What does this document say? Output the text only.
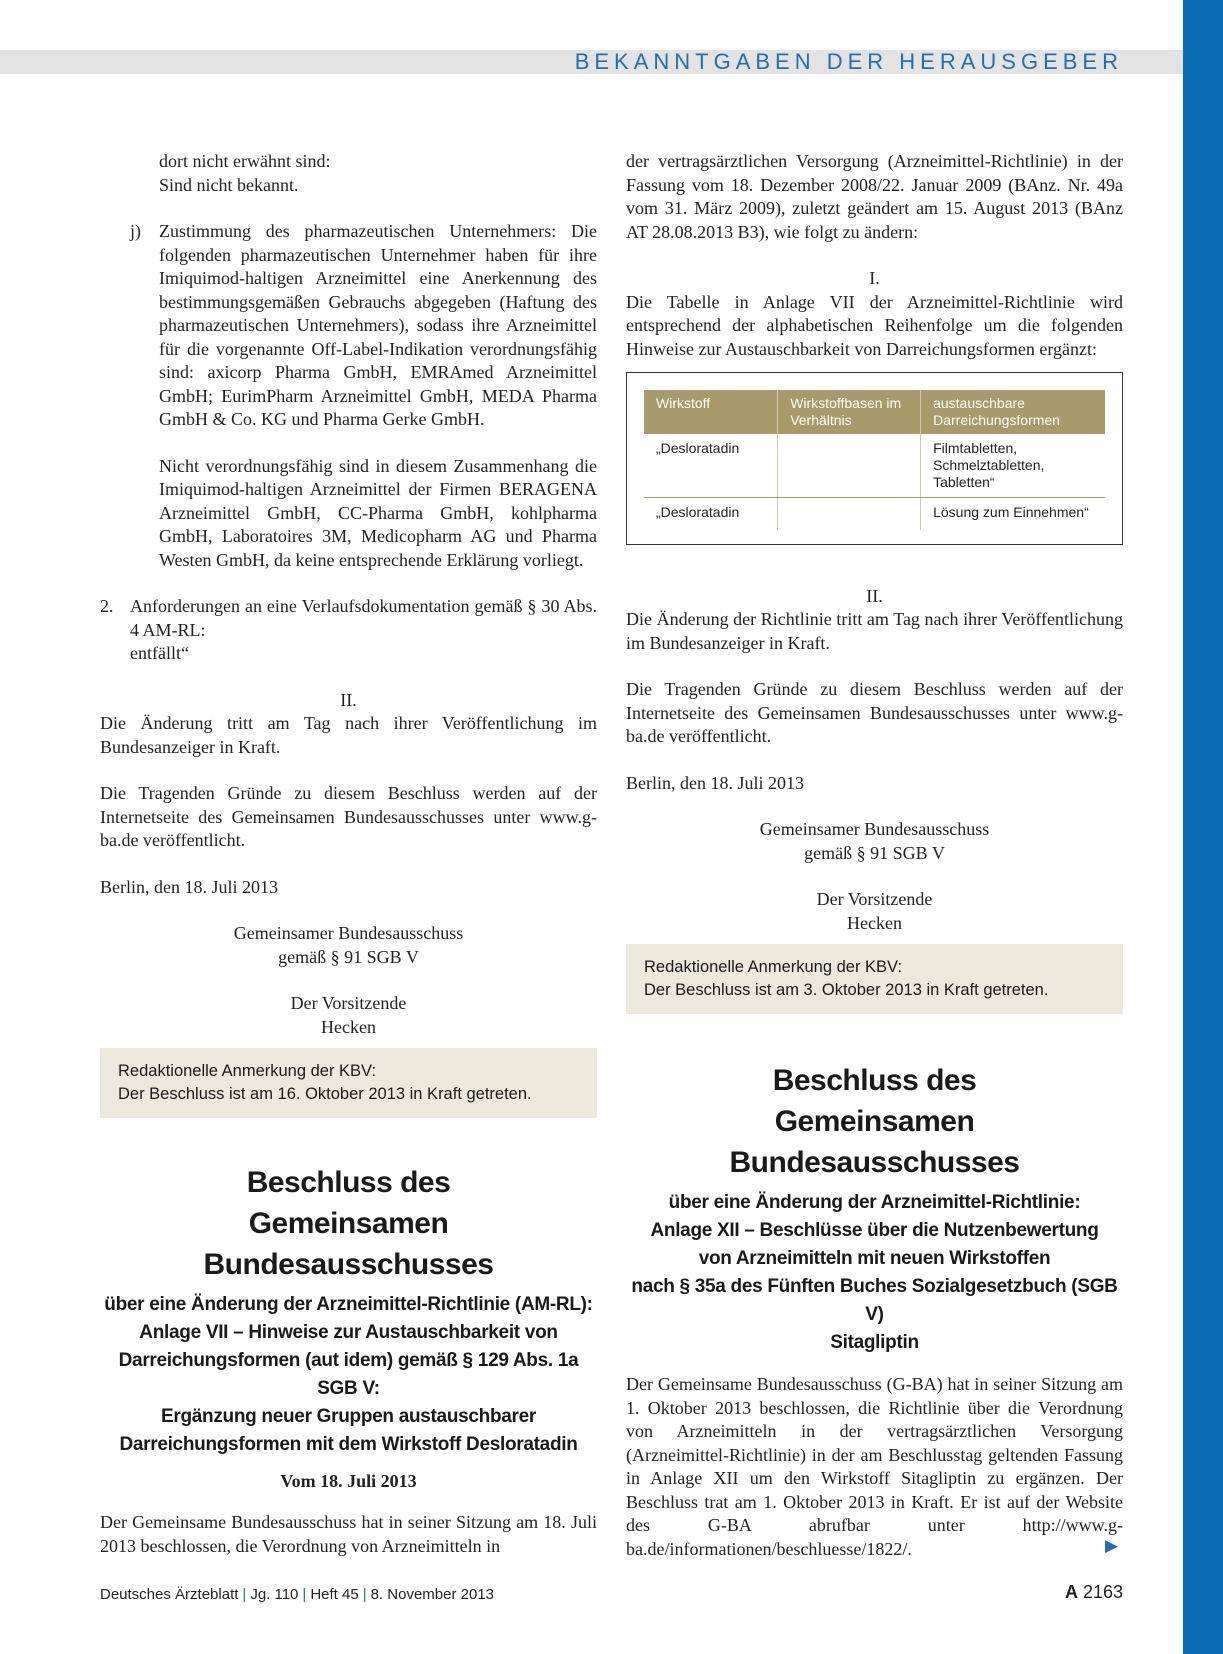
BEKANNTGABEN DER HERAUSGEBER
dort nicht erwähnt sind:
Sind nicht bekannt.
j)	Zustimmung des pharmazeutischen Unternehmers: Die folgenden pharmazeutischen Unternehmer haben für ihre Imiquimod-haltigen Arzneimittel eine Anerkennung des bestimmungsgemäßen Gebrauchs abgegeben (Haftung des pharmazeutischen Unternehmers), sodass ihre Arzneimittel für die vorgenannte Off-Label-Indikation verordnungsfähig sind: axicorp Pharma GmbH, EMRAmed Arzneimittel GmbH; EurimPharm Arzneimittel GmbH, MEDA Pharma GmbH & Co. KG und Pharma Gerke GmbH.
Nicht verordnungsfähig sind in diesem Zusammenhang die Imiquimod-haltigen Arzneimittel der Firmen BERAGENA Arzneimittel GmbH, CC-Pharma GmbH, kohlpharma GmbH, Laboratoires 3M, Medicopharm AG und Pharma Westen GmbH, da keine entsprechende Erklärung vorliegt.
2. Anforderungen an eine Verlaufsdokumentation gemäß § 30 Abs. 4 AM-RL:
entfällt“
II.
Die Änderung tritt am Tag nach ihrer Veröffentlichung im Bundesanzeiger in Kraft.
Die Tragenden Gründe zu diesem Beschluss werden auf der Internetseite des Gemeinsamen Bundesausschusses unter www.g-ba.de veröffentlicht.
Berlin, den 18. Juli 2013
Gemeinsamer Bundesausschuss
gemäß § 91 SGB V
Der Vorsitzende
Hecken
Redaktionelle Anmerkung der KBV:
Der Beschluss ist am 16. Oktober 2013 in Kraft getreten.
Beschluss des
Gemeinsamen Bundesausschusses
über eine Änderung der Arzneimittel-Richtlinie (AM-RL):
Anlage VII – Hinweise zur Austauschbarkeit von
Darreichungsformen (aut idem) gemäß § 129 Abs. 1a SGB V:
Ergänzung neuer Gruppen austauschbarer
Darreichungsformen mit dem Wirkstoff Desloratadin
Vom 18. Juli 2013
Der Gemeinsame Bundesausschuss hat in seiner Sitzung am 18. Juli 2013 beschlossen, die Verordnung von Arzneimitteln in
der vertragsärztlichen Versorgung (Arzneimittel-Richtlinie) in der Fassung vom 18. Dezember 2008/22. Januar 2009 (BAnz. Nr. 49a vom 31. März 2009), zuletzt geändert am 15. August 2013 (BAnz AT 28.08.2013 B3), wie folgt zu ändern:
I.
Die Tabelle in Anlage VII der Arzneimittel-Richtlinie wird entsprechend der alphabetischen Reihenfolge um die folgenden Hinweise zur Austauschbarkeit von Darreichungsformen ergänzt:
Wirkstoff	Wirkstoffbasen im Verhältnis	austauschbare Darreichungsformen
„Desloratadin		Filmtabletten, Schmelztabletten, Tabletten“
„Desloratadin		Lösung zum Einnehmen“
II.
Die Änderung der Richtlinie tritt am Tag nach ihrer Veröffentlichung im Bundesanzeiger in Kraft.
Die Tragenden Gründe zu diesem Beschluss werden auf der Internetseite des Gemeinsamen Bundesausschusses unter www.g-ba.de veröffentlicht.
Berlin, den 18. Juli 2013
Gemeinsamer Bundesausschuss
gemäß § 91 SGB V
Der Vorsitzende
Hecken
Redaktionelle Anmerkung der KBV:
Der Beschluss ist am 3. Oktober 2013 in Kraft getreten.
Beschluss des
Gemeinsamen Bundesausschusses
über eine Änderung der Arzneimittel-Richtlinie:
Anlage XII – Beschlüsse über die Nutzenbewertung
von Arzneimitteln mit neuen Wirkstoffen
nach § 35a des Fünften Buches Sozialgesetzbuch (SGB V)
Sitagliptin
Der Gemeinsame Bundesausschuss (G-BA) hat in seiner Sitzung am 1. Oktober 2013 beschlossen, die Richtlinie über die Verordnung von Arzneimitteln in der vertragsärztlichen Versorgung (Arzneimittel-Richtlinie) in der am Beschlusstag geltenden Fassung in Anlage XII um den Wirkstoff Sitagliptin zu ergänzen. Der Beschluss trat am 1. Oktober 2013 in Kraft. Er ist auf der Website des G-BA abrufbar unter http://www.g-ba.de/informationen/beschluesse/1822/.	▶
Deutsches Ärzteblatt | Jg. 110 | Heft 45 | 8. November 2013	A 2163
